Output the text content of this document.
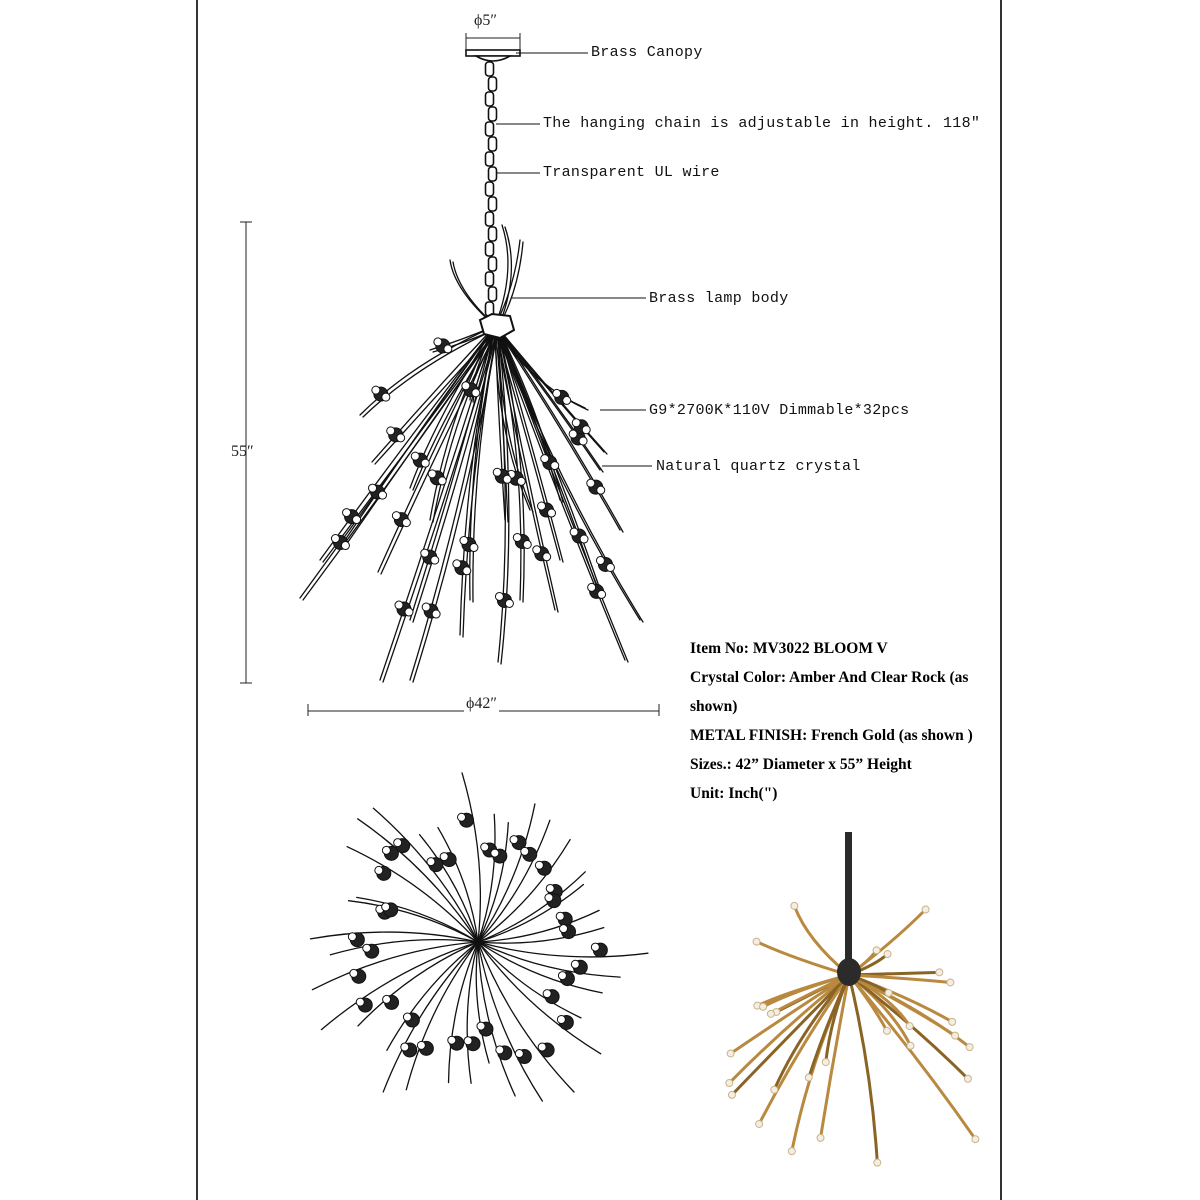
Brass Canopy
The hanging chain is adjustable in height. 118″
Transparent UL wire
Brass lamp body
G9*2700K*110V Dimmable*32pcs
Natural quartz crystal
ϕ5″
55″
ϕ42″
Item No: MV3022 BLOOM V
Crystal Color: Amber And Clear Rock (as
shown)
METAL FINISH: French Gold (as shown )
Sizes.: 42” Diameter x 55” Height
Unit: Inch(")
